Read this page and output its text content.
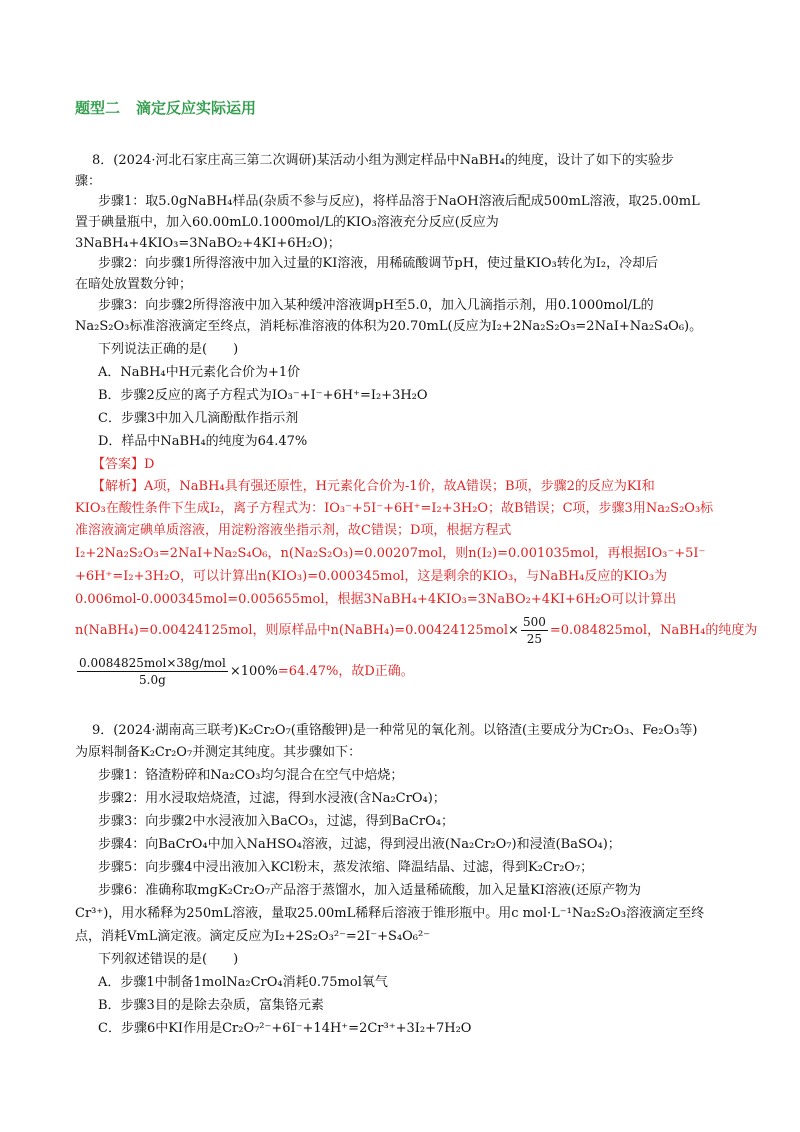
题型二 滴定反应实际运用

8．(2024·河北石家庄高三第二次调研)某活动小组为测定样品中NaBH₄的纯度，设计了如下的实验步

骤：

步骤1：取5.0gNaBH₄样品(杂质不参与反应)，将样品溶于NaOH溶液后配成500mL溶液，取25.00mL

置于碘量瓶中，加入60.00mL0.1000mol/L的KIO₃溶液充分反应(反应为

3NaBH₄+4KIO₃=3NaBO₂+4KI+6H₂O)；

步骤2：向步骤1所得溶液中加入过量的KI溶液，用稀硫酸调节pH，使过量KIO₃转化为I₂，冷却后

在暗处放置数分钟；

步骤3：向步骤2所得溶液中加入某种缓冲溶液调pH至5.0，加入几滴指示剂，用0.1000mol/L的

Na₂S₂O₃标准溶液滴定至终点，消耗标准溶液的体积为20.70mL(反应为I₂+2Na₂S₂O₃=2NaI+Na₂S₄O₆)。

下列说法正确的是( )

A．NaBH₄中H元素化合价为+1价

B．步骤2反应的离子方程式为IO₃⁻+I⁻+6H⁺=I₂+3H₂O

C．步骤3中加入几滴酚酞作指示剂

D．样品中NaBH₄的纯度为64.47%

【答案】D

【解析】A项，NaBH₄具有强还原性，H元素化合价为-1价，故A错误；B项，步骤2的反应为KI和

KIO₃在酸性条件下生成I₂，离子方程式为：IO₃⁻+5I⁻+6H⁺=I₂+3H₂O；故B错误；C项，步骤3用Na₂S₂O₃标

准溶液滴定碘单质溶液，用淀粉溶液坐指示剂，故C错误；D项，根据方程式

I₂+2Na₂S₂O₃=2NaI+Na₂S₄O₆，n(Na₂S₂O₃)=0.00207mol，则n(I₂)=0.001035mol，再根据IO₃⁻+5I⁻

+6H⁺=I₂+3H₂O，可以计算出n(KIO₃)=0.000345mol，这是剩余的KIO₃，与NaBH₄反应的KIO₃为

0.006mol-0.000345mol=0.005655mol，根据3NaBH₄+4KIO₃=3NaBO₂+4KI+6H₂O可以计算出

n(NaBH₄)=0.00424125mol，则原样品中n(NaBH₄)=0.00424125mol× $\frac{500}{25} =0.084825mol$，NaBH₄的纯度为

$\frac{\text{0.0084825mol×38g/mol}}{5.0g} \times 100\%=64.47\%$，故D正确。

9．(2024·湖南高三联考)K₂Cr₂O₇(重铬酸钾)是一种常见的氧化剂。以铬渣(主要成分为Cr₂O₃、Fe₂O₃等)

为原料制备K₂Cr₂O₇并测定其纯度。其步骤如下：

步骤1：铬渣粉碎和Na₂CO₃均匀混合在空气中焙烧；

步骤2：用水浸取焙烧渣，过滤，得到水浸液(含Na₂CrO₄)；

步骤3：向步骤2中水浸液加入BaCO₃，过滤，得到BaCrO₄；

步骤4：向BaCrO₄中加入NaHSO₄溶液，过滤，得到浸出液(Na₂Cr₂O₇)和浸渣(BaSO₄)；

步骤5：向步骤4中浸出液加入KCl粉末，蒸发浓缩、降温结晶、过滤，得到K₂Cr₂O₇；

步骤6：准确称取mgK₂Cr₂O₇产品溶于蒸馏水，加入适量稀硫酸，加入足量KI溶液(还原产物为

Cr³⁺)，用水稀释为250mL溶液，量取25.00mL稀释后溶液于锥形瓶中。用c mol·L⁻¹Na₂S₂O₃溶液滴定至终

点，消耗VmL滴定液。滴定反应为I₂+2S₂O₃²⁻=2I⁻+S₄O₆²⁻

下列叙述错误的是( )

A．步骤1中制备1molNa₂CrO₄消耗0.75mol氧气

B．步骤3目的是除去杂质，富集铬元素

C．步骤6中KI作用是Cr₂O₇²⁻+6I⁻+14H⁺=2Cr³⁺+3I₂+7H₂O
